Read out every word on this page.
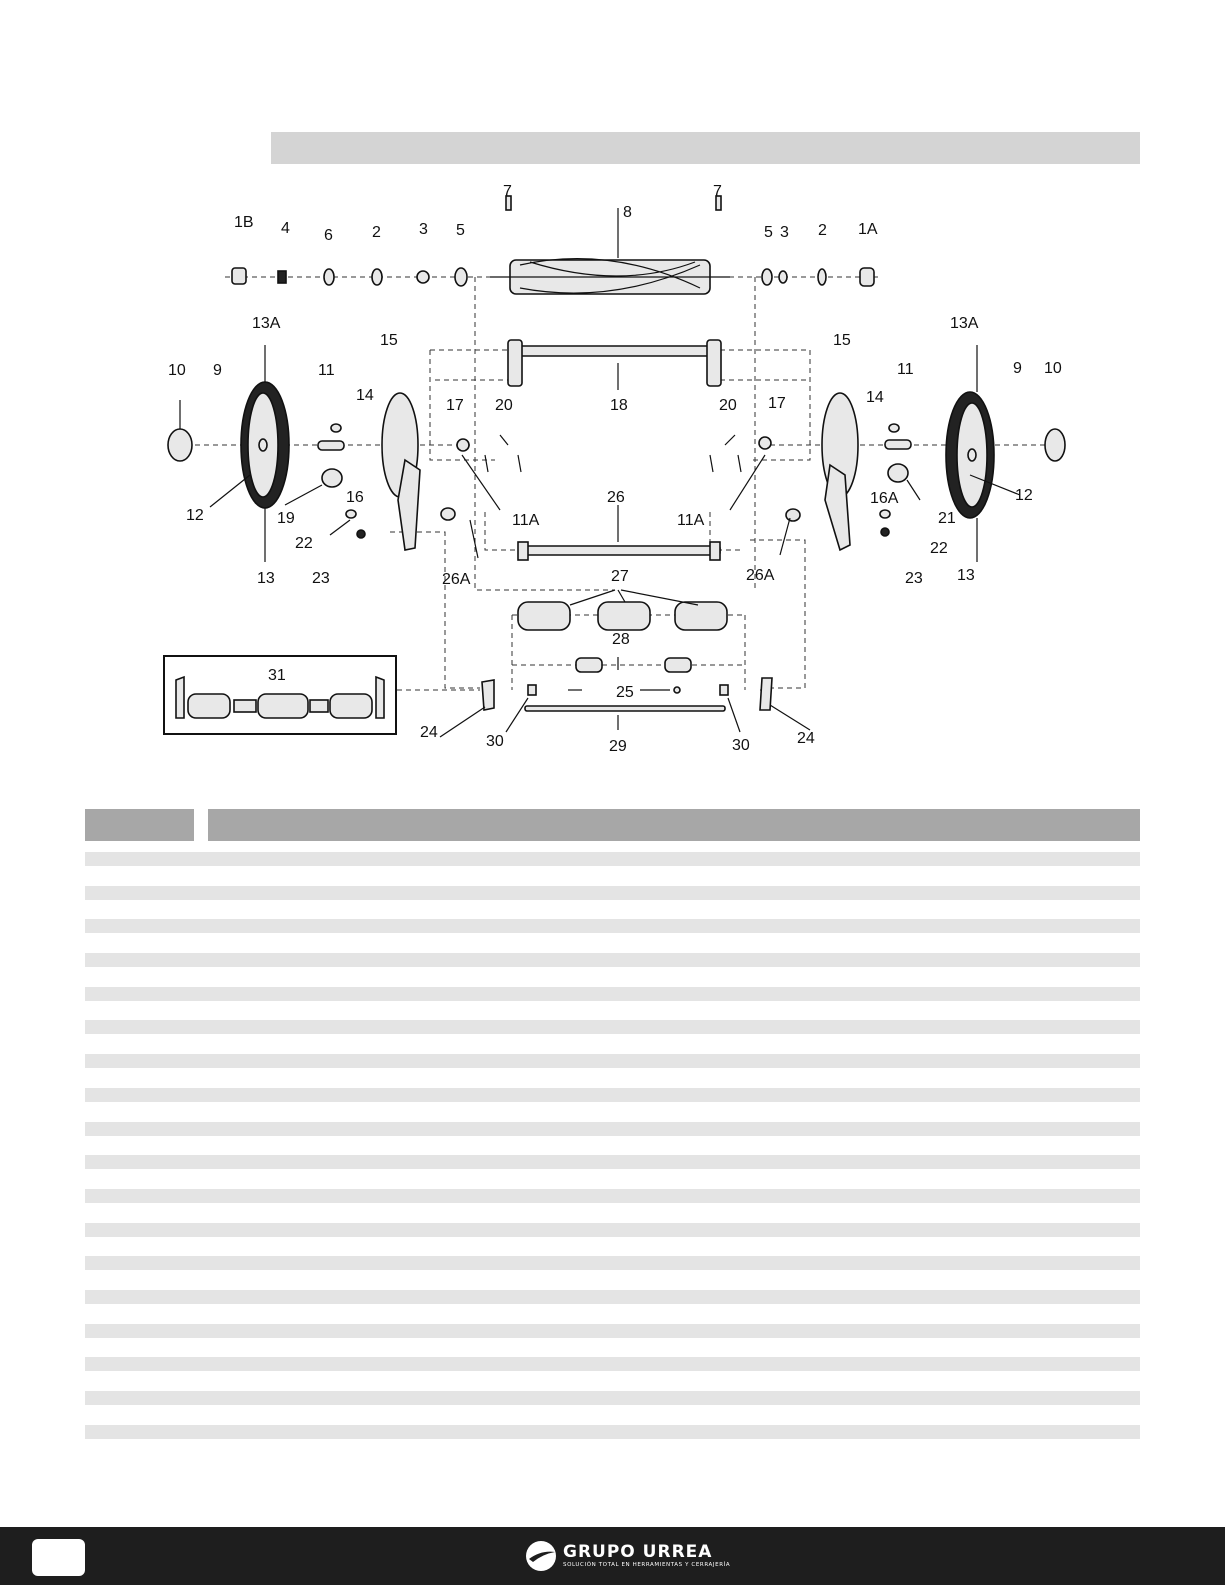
1B 4 6 2 3 5
7
8
7
5 3 2 1A
13A
15
10 9	11
14
17 20	18	20 17
15
13A
14
11	9 10
12	19
16
11A
26
11A
16A
21
12
22
26A	26A
22
13 23	23 13
27
28
31
25
24
30	29	30	24
GRUPO URREA
SOLUCIÓN TOTAL EN HERRAMIENTAS Y CERRAJERÍA
